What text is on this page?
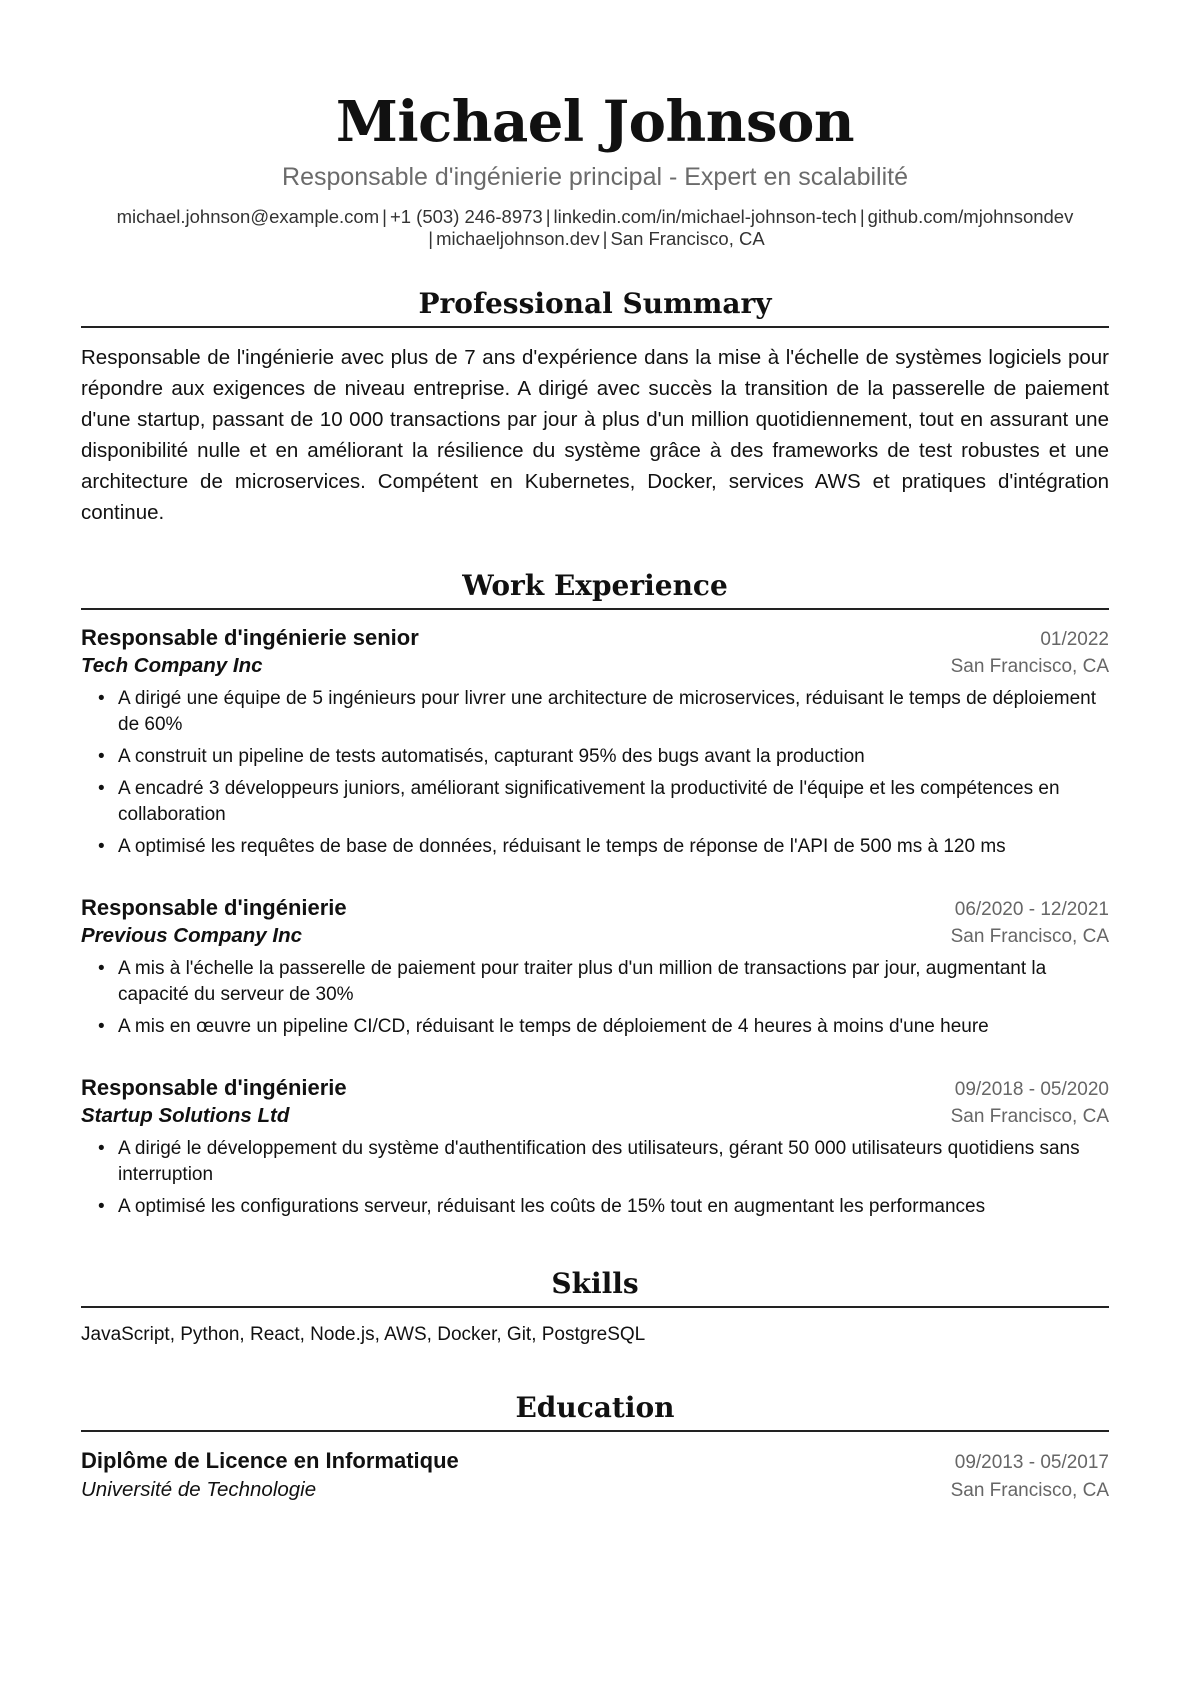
Michael Johnson
Responsable d'ingénierie principal - Expert en scalabilité
michael.johnson@example.com | +1 (503) 246-8973 | linkedin.com/in/michael-johnson-tech | github.com/mjohnsondev
| michaeljohnson.dev | San Francisco, CA
Professional Summary

Responsable de l'ingénierie avec plus de 7 ans d'expérience dans la mise à l'échelle de systèmes logiciels pour répondre aux exigences de niveau entreprise. A dirigé avec succès la transition de la passerelle de paiement d'une startup, passant de 10 000 transactions par jour à plus d'un million quotidiennement, tout en assurant une disponibilité nulle et en améliorant la résilience du système grâce à des frameworks de test robustes et une architecture de microservices. Compétent en Kubernetes, Docker, services AWS et pratiques d'intégration continue.

Work Experience
Responsable d'ingénierie senior	01/2022
Tech Company Inc	San Francisco, CA
• A dirigé une équipe de 5 ingénieurs pour livrer une architecture de microservices, réduisant le temps de déploiement de 60%
• A construit un pipeline de tests automatisés, capturant 95% des bugs avant la production
• A encadré 3 développeurs juniors, améliorant significativement la productivité de l'équipe et les compétences en collaboration
• A optimisé les requêtes de base de données, réduisant le temps de réponse de l'API de 500 ms à 120 ms
Responsable d'ingénierie	06/2020 - 12/2021
Previous Company Inc	San Francisco, CA
• A mis à l'échelle la passerelle de paiement pour traiter plus d'un million de transactions par jour, augmentant la capacité du serveur de 30%
• A mis en œuvre un pipeline CI/CD, réduisant le temps de déploiement de 4 heures à moins d'une heure
Responsable d'ingénierie	09/2018 - 05/2020
Startup Solutions Ltd	San Francisco, CA
• A dirigé le développement du système d'authentification des utilisateurs, gérant 50 000 utilisateurs quotidiens sans interruption
• A optimisé les configurations serveur, réduisant les coûts de 15% tout en augmentant les performances
Skills
JavaScript, Python, React, Node.js, AWS, Docker, Git, PostgreSQL
Education
Diplôme de Licence en Informatique	09/2013 - 05/2017
Université de Technologie	San Francisco, CA
